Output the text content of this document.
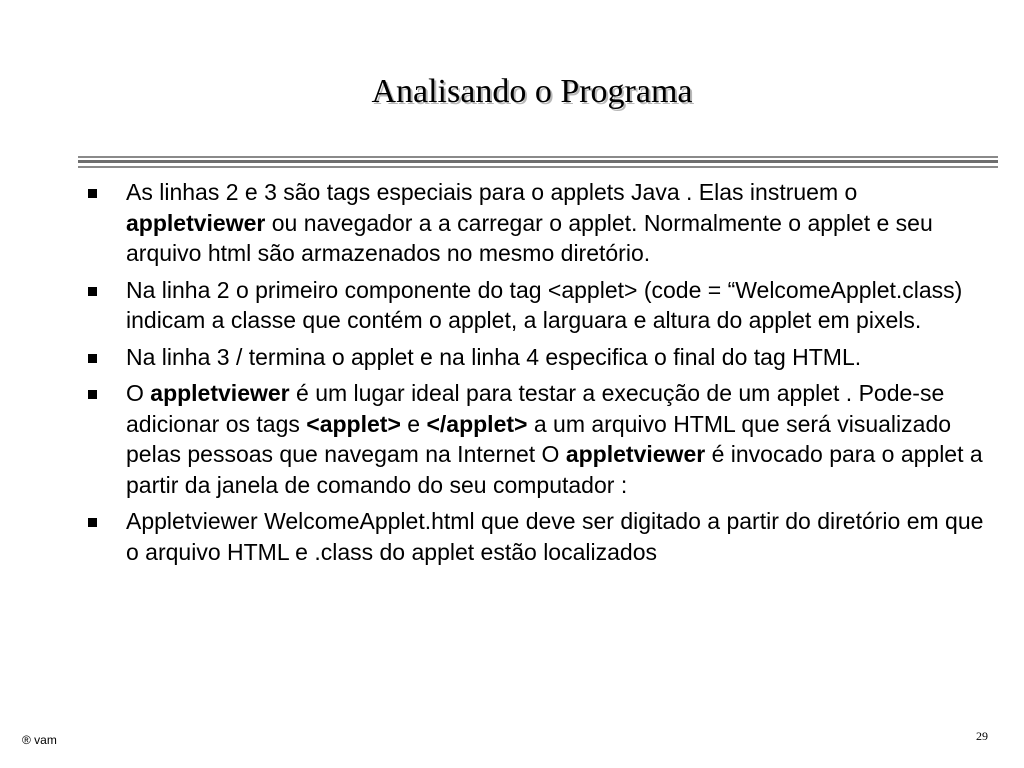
Analisando o Programa
As linhas 2 e 3 são tags especiais para o applets Java . Elas instruem o appletviewer ou navegador a a carregar o applet. Normalmente o applet e seu arquivo html são armazenados no mesmo diretório.
Na linha 2 o primeiro componente do tag <applet> (code = “WelcomeApplet.class) indicam a classe que contém o applet, a larguara e altura do applet em pixels.
Na linha 3 / termina o applet e na linha 4 especifica o final do tag HTML.
O appletviewer é um lugar ideal para testar a execução de um applet . Pode-se adicionar os tags <applet> e </applet> a um arquivo HTML que será visualizado pelas pessoas que navegam na Internet O appletviewer é invocado para o applet a partir da janela de comando do seu computador :
Appletviewer WelcomeApplet.html que deve ser digitado a partir do diretório em que o arquivo HTML e .class do applet estão localizados
® vam	29
